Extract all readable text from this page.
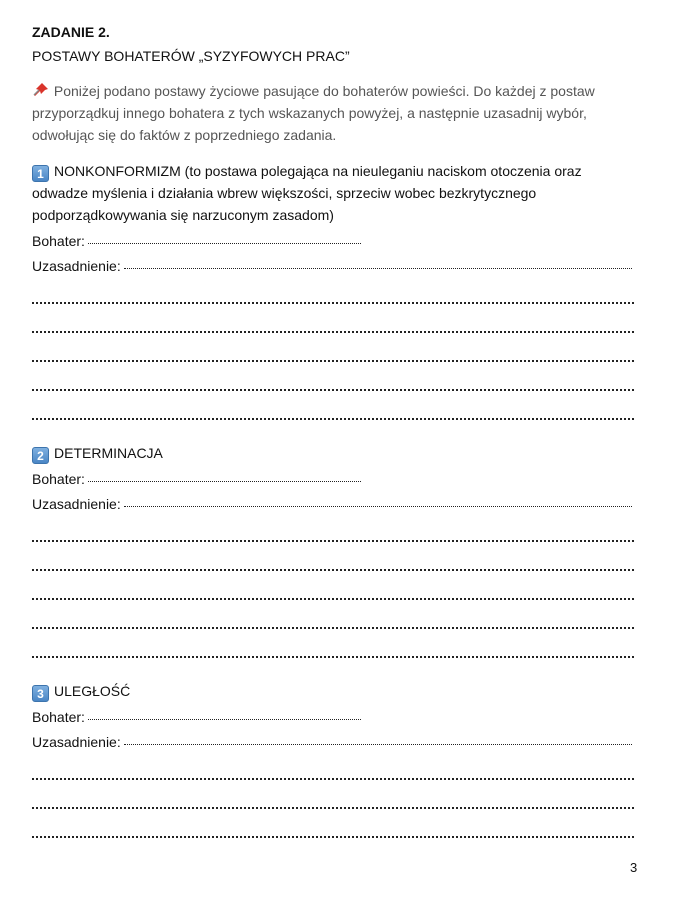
ZADANIE 2.
POSTAWY BOHATERÓW „SYZYFOWYCH PRAC”
Poniżej podano postawy życiowe pasujące do bohaterów powieści. Do każdej z postaw przyporządkuj innego bohatera z tych wskazanych powyżej, a następnie uzasadnij wybór, odwołując się do faktów z poprzedniego zadania.
1 NONKONFORMIZM (to postawa polegająca na nieuleganiu naciskom otoczenia oraz odwadze myślenia i działania wbrew większości, sprzeciw wobec bezkrytycznego podporządkowywania się narzuconym zasadom)
Bohater:
Uzasadnienie:
2 DETERMINACJA
Bohater:
Uzasadnienie:
3 ULEGŁOŚĆ
Bohater:
Uzasadnienie:
3
